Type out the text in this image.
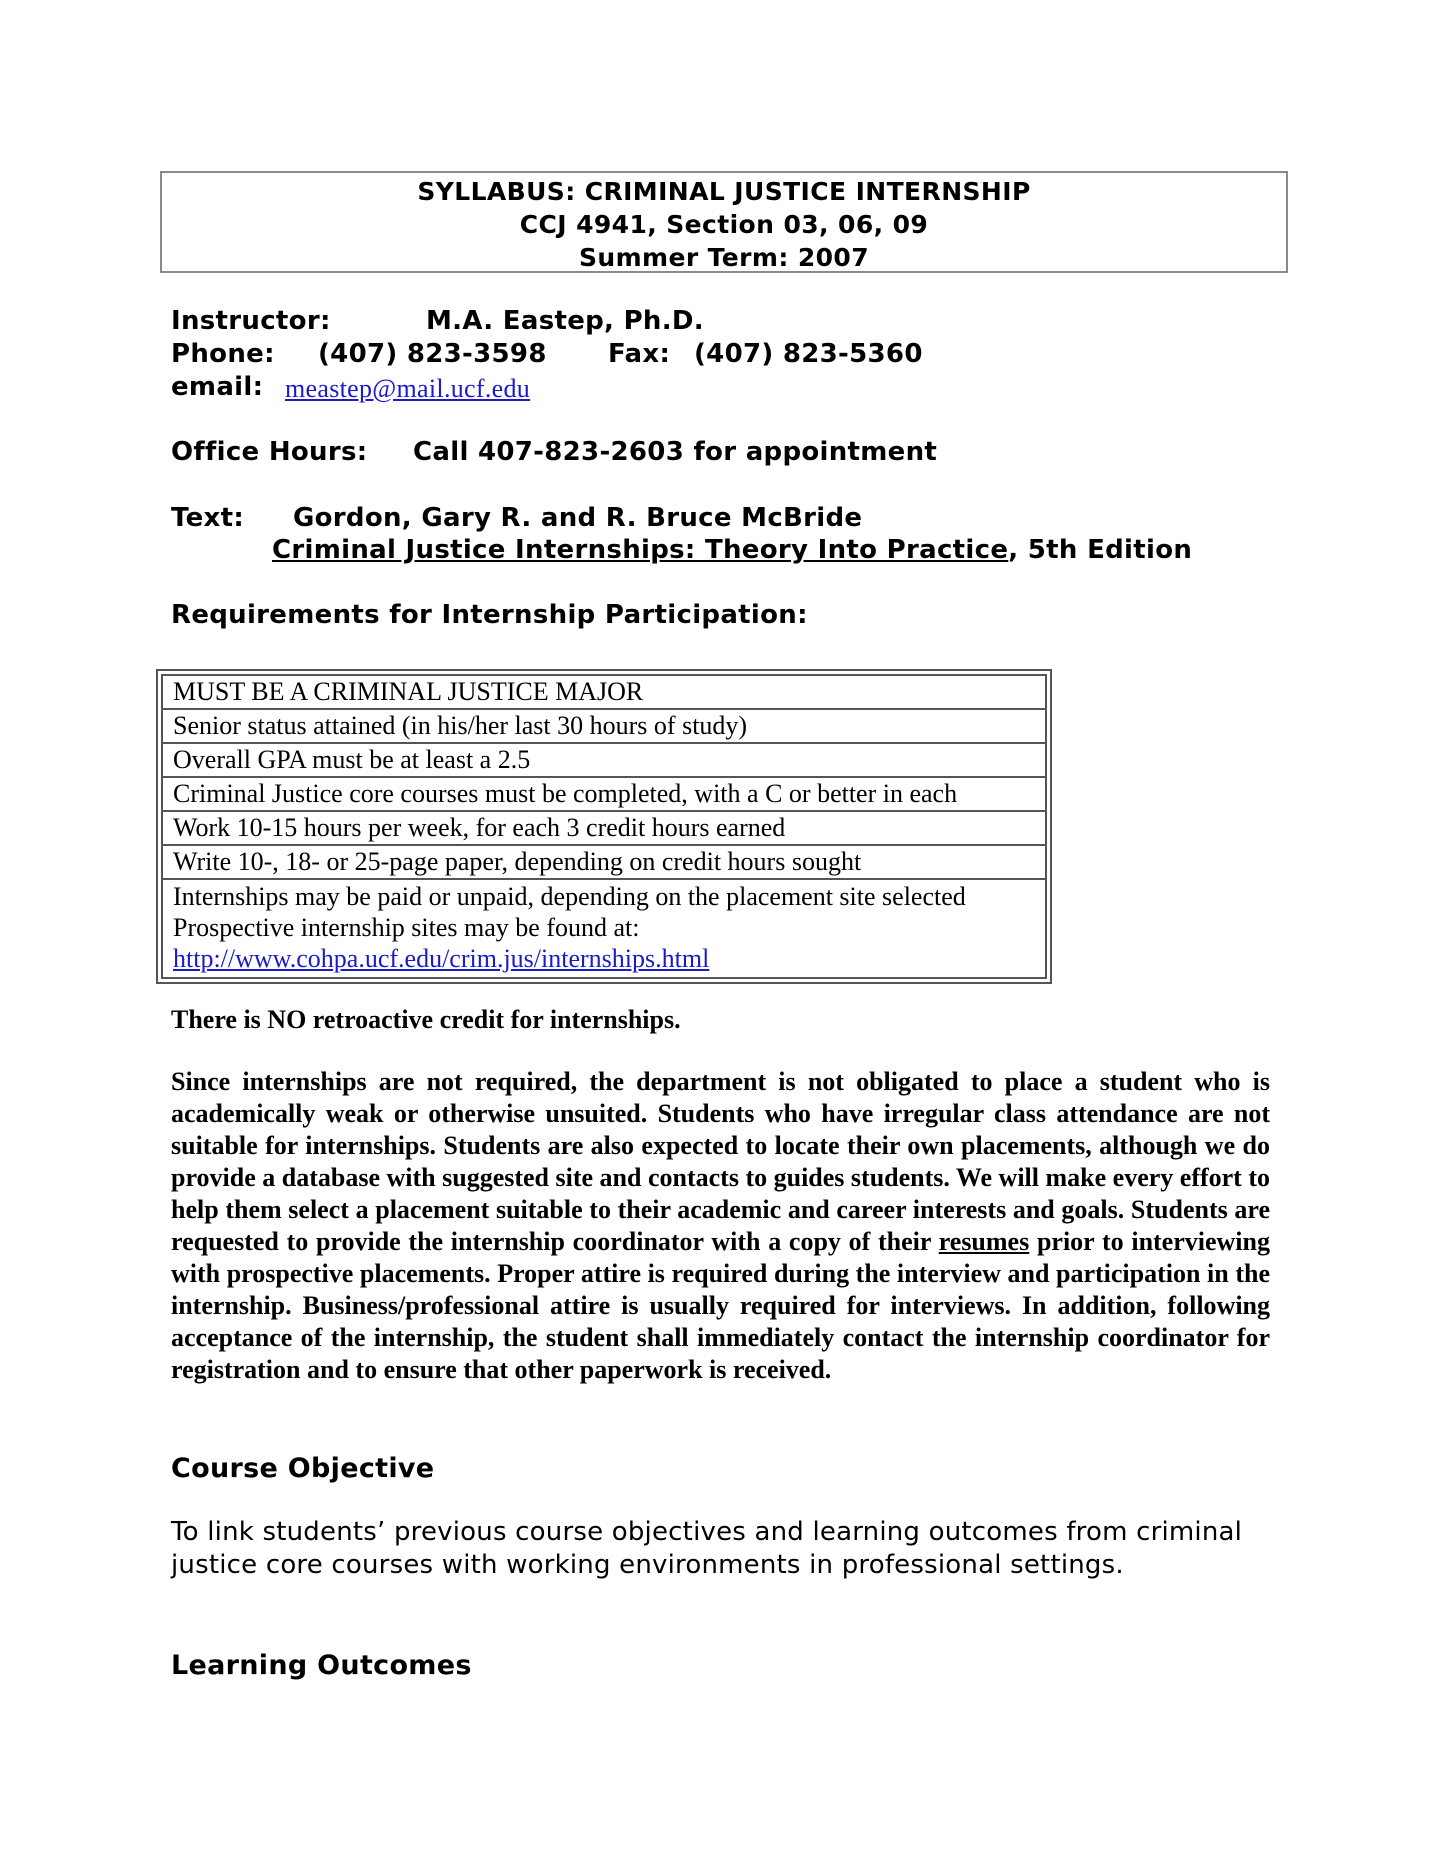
SYLLABUS: CRIMINAL JUSTICE INTERNSHIP
CCJ 4941, Section 03, 06, 09
Summer Term: 2007
Instructor:	M.A. Eastep, Ph.D.
Phone: (407) 823-3598 Fax: (407) 823-5360
email: meastep@mail.ucf.edu
Office Hours: Call 407-823-2603 for appointment
Text: Gordon, Gary R. and R. Bruce McBride
Criminal Justice Internships: Theory Into Practice, 5th Edition
Requirements for Internship Participation:
MUST BE A CRIMINAL JUSTICE MAJOR
Senior status attained (in his/her last 30 hours of study)
Overall GPA must be at least a 2.5
Criminal Justice core courses must be completed, with a C or better in each
Work 10-15 hours per week, for each 3 credit hours earned
Write 10-, 18- or 25-page paper, depending on credit hours sought

Internships may be paid or unpaid, depending on the placement site selected
Prospective internship sites may be found at:
http://www.cohpa.ucf.edu/crim.jus/internships.html
There is NO retroactive credit for internships.
Since internships are not required, the department is not obligated to place a student who is academically weak or otherwise unsuited. Students who have irregular class attendance are not suitable for internships. Students are also expected to locate their own placements, although we do provide a database with suggested site and contacts to guides students. We will make every effort to help them select a placement suitable to their academic and career interests and goals. Students are requested to provide the internship coordinator with a copy of their resumes prior to interviewing with prospective placements. Proper attire is required during the interview and participation in the internship. Business/professional attire is usually required for interviews. In addition, following acceptance of the internship, the student shall immediately contact the internship coordinator for registration and to ensure that other paperwork is received.
Course Objective
To link students’ previous course objectives and learning outcomes from criminal justice core courses with working environments in professional settings.
Learning Outcomes
